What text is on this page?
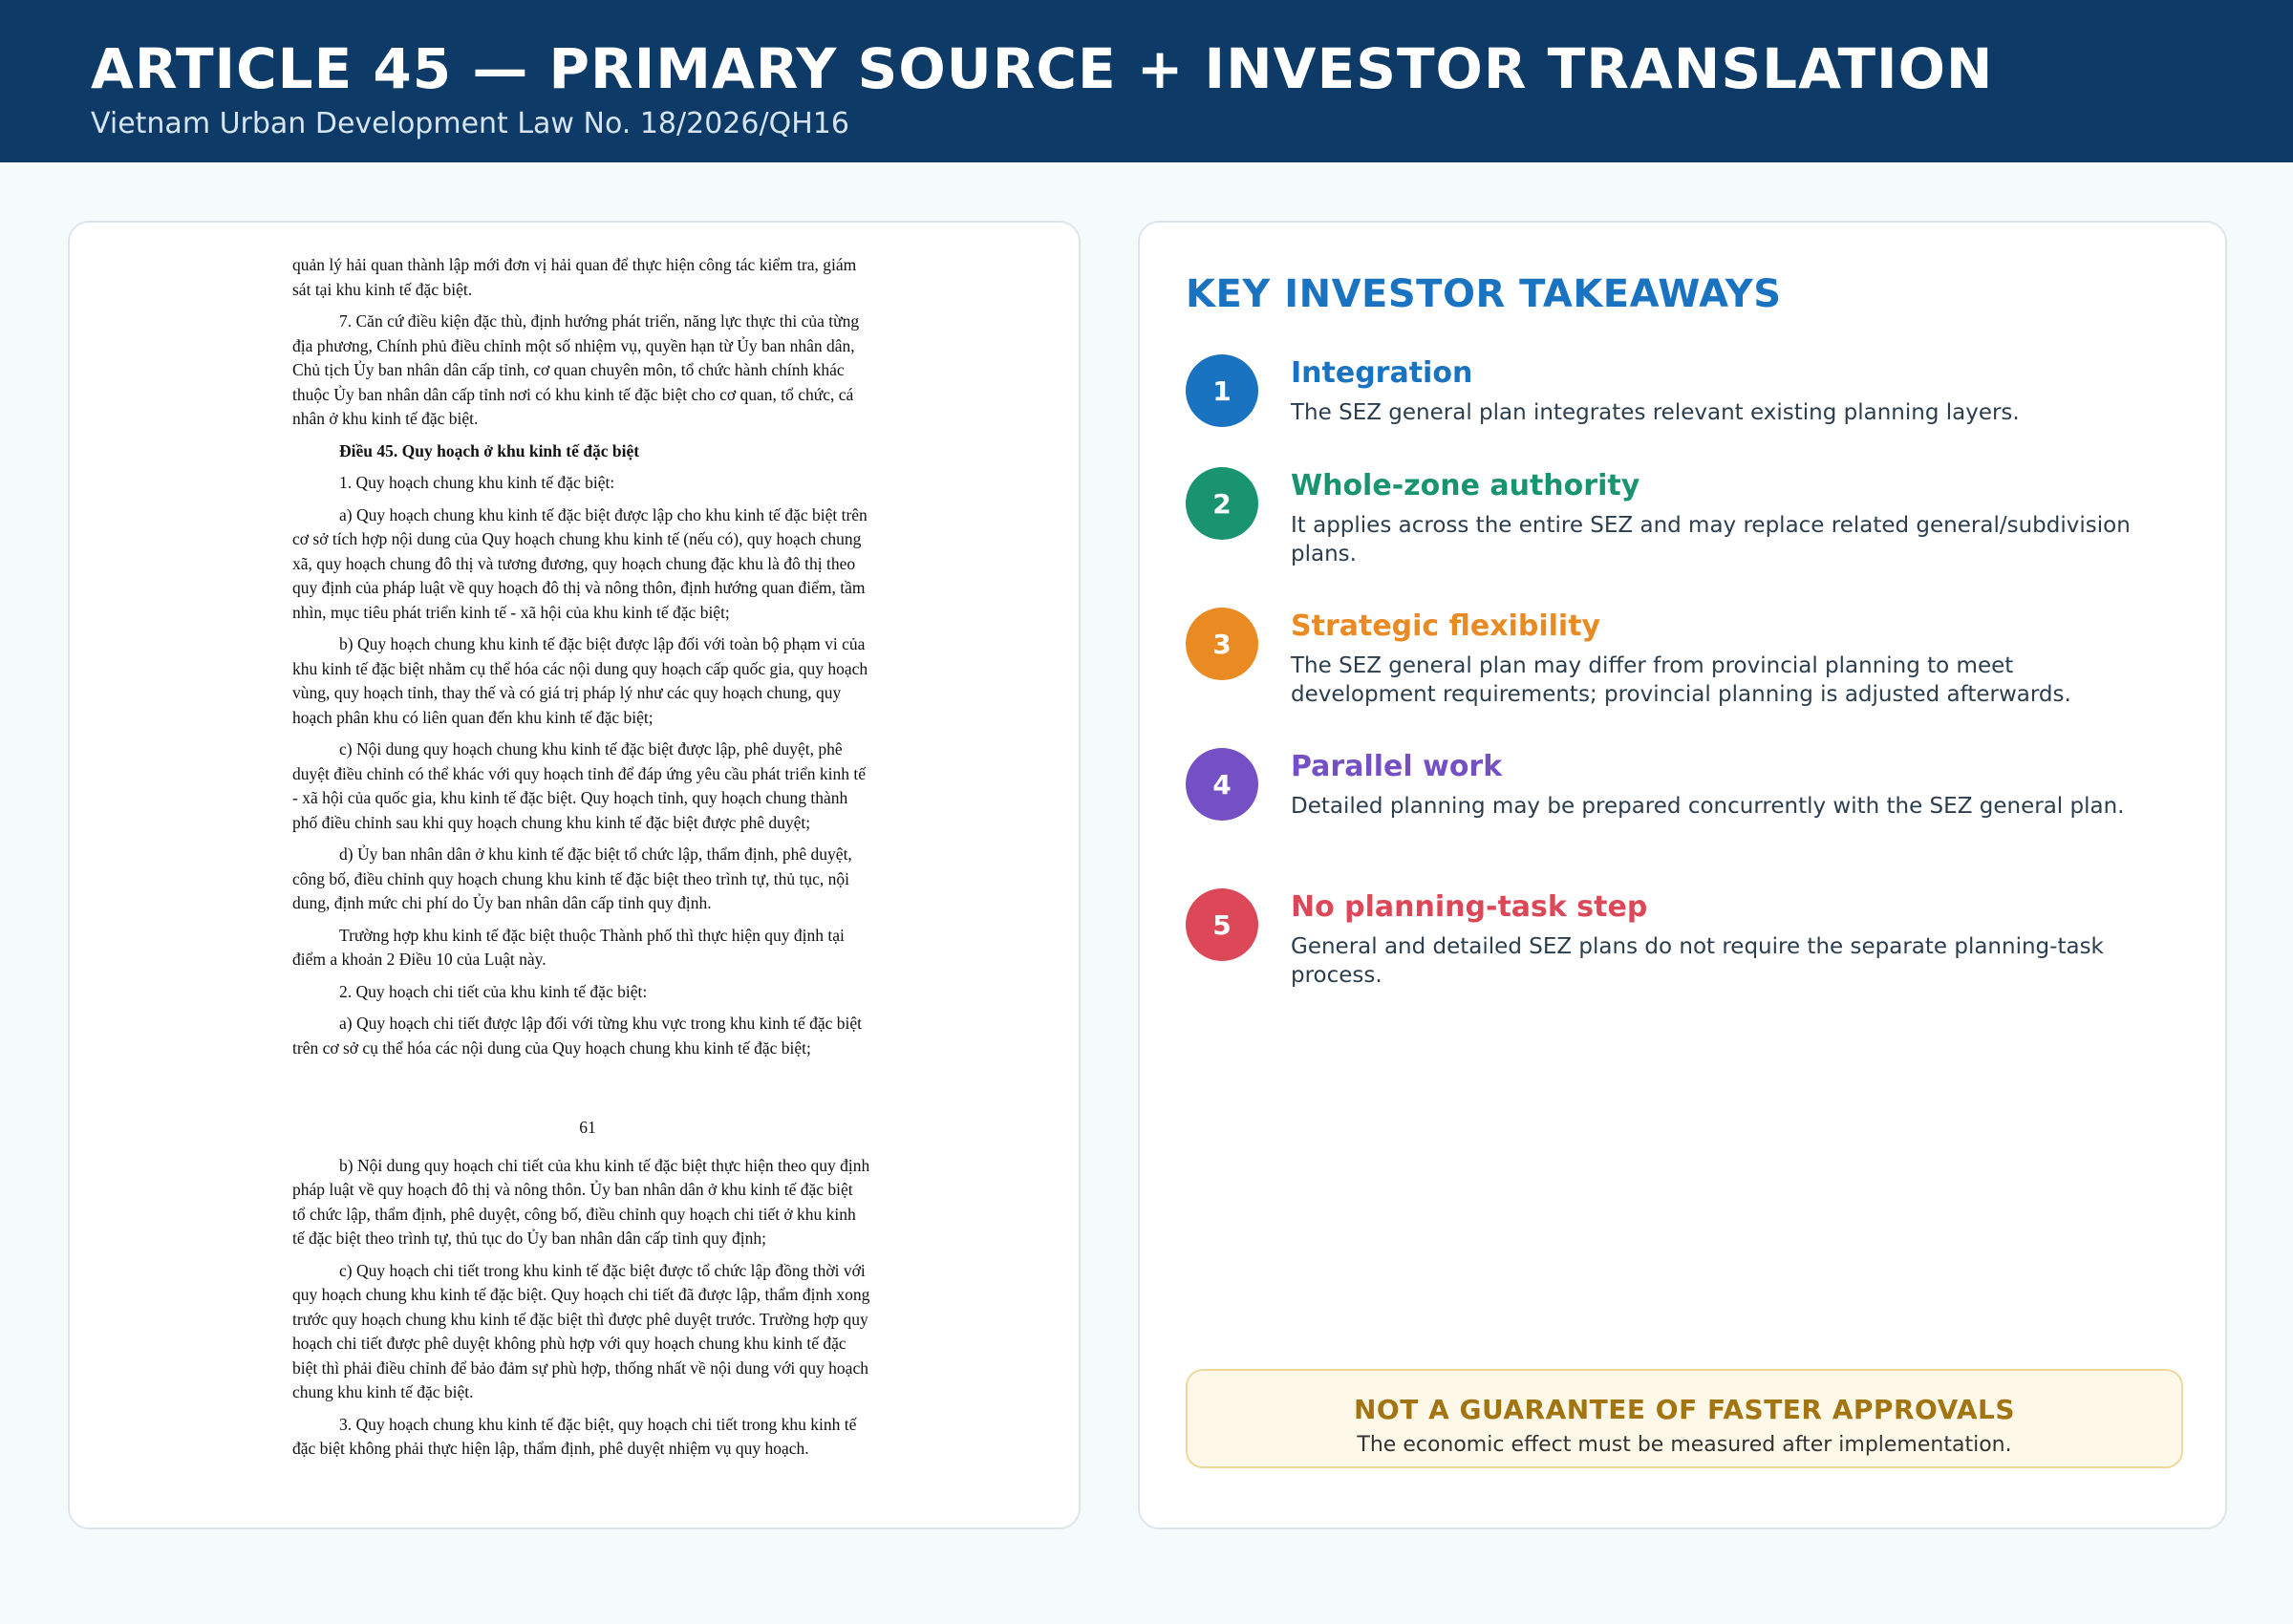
ARTICLE 45 — PRIMARY SOURCE + INVESTOR TRANSLATION
Vietnam Urban Development Law No. 18/2026/QH16

quản lý hải quan thành lập mới đơn vị hải quan để thực hiện công tác kiểm tra, giám
sát tại khu kinh tế đặc biệt.

7. Căn cứ điều kiện đặc thù, định hướng phát triển, năng lực thực thi của từng
địa phương, Chính phủ điều chỉnh một số nhiệm vụ, quyền hạn từ Ủy ban nhân dân,
Chủ tịch Ủy ban nhân dân cấp tỉnh, cơ quan chuyên môn, tổ chức hành chính khác
thuộc Ủy ban nhân dân cấp tỉnh nơi có khu kinh tế đặc biệt cho cơ quan, tổ chức, cá
nhân ở khu kinh tế đặc biệt.

Điều 45. Quy hoạch ở khu kinh tế đặc biệt

1. Quy hoạch chung khu kinh tế đặc biệt:

a) Quy hoạch chung khu kinh tế đặc biệt được lập cho khu kinh tế đặc biệt trên
cơ sở tích hợp nội dung của Quy hoạch chung khu kinh tế (nếu có), quy hoạch chung
xã, quy hoạch chung đô thị và tương đương, quy hoạch chung đặc khu là đô thị theo
quy định của pháp luật về quy hoạch đô thị và nông thôn, định hướng quan điểm, tầm
nhìn, mục tiêu phát triển kinh tế - xã hội của khu kinh tế đặc biệt;

b) Quy hoạch chung khu kinh tế đặc biệt được lập đối với toàn bộ phạm vi của
khu kinh tế đặc biệt nhằm cụ thể hóa các nội dung quy hoạch cấp quốc gia, quy hoạch
vùng, quy hoạch tỉnh, thay thế và có giá trị pháp lý như các quy hoạch chung, quy
hoạch phân khu có liên quan đến khu kinh tế đặc biệt;

c) Nội dung quy hoạch chung khu kinh tế đặc biệt được lập, phê duyệt, phê
duyệt điều chỉnh có thể khác với quy hoạch tỉnh để đáp ứng yêu cầu phát triển kinh tế
- xã hội của quốc gia, khu kinh tế đặc biệt. Quy hoạch tỉnh, quy hoạch chung thành
phố điều chỉnh sau khi quy hoạch chung khu kinh tế đặc biệt được phê duyệt;

d) Ủy ban nhân dân ở khu kinh tế đặc biệt tổ chức lập, thẩm định, phê duyệt,
công bố, điều chỉnh quy hoạch chung khu kinh tế đặc biệt theo trình tự, thủ tục, nội
dung, định mức chi phí do Ủy ban nhân dân cấp tỉnh quy định.

Trường hợp khu kinh tế đặc biệt thuộc Thành phố thì thực hiện quy định tại
điểm a khoản 2 Điều 10 của Luật này.

2. Quy hoạch chi tiết của khu kinh tế đặc biệt:

a) Quy hoạch chi tiết được lập đối với từng khu vực trong khu kinh tế đặc biệt
trên cơ sở cụ thể hóa các nội dung của Quy hoạch chung khu kinh tế đặc biệt;

61

b) Nội dung quy hoạch chi tiết của khu kinh tế đặc biệt thực hiện theo quy định
pháp luật về quy hoạch đô thị và nông thôn. Ủy ban nhân dân ở khu kinh tế đặc biệt
tổ chức lập, thẩm định, phê duyệt, công bố, điều chỉnh quy hoạch chi tiết ở khu kinh
tế đặc biệt theo trình tự, thủ tục do Ủy ban nhân dân cấp tỉnh quy định;

c) Quy hoạch chi tiết trong khu kinh tế đặc biệt được tổ chức lập đồng thời với
quy hoạch chung khu kinh tế đặc biệt. Quy hoạch chi tiết đã được lập, thẩm định xong
trước quy hoạch chung khu kinh tế đặc biệt thì được phê duyệt trước. Trường hợp quy
hoạch chi tiết được phê duyệt không phù hợp với quy hoạch chung khu kinh tế đặc
biệt thì phải điều chỉnh để bảo đảm sự phù hợp, thống nhất về nội dung với quy hoạch
chung khu kinh tế đặc biệt.

3. Quy hoạch chung khu kinh tế đặc biệt, quy hoạch chi tiết trong khu kinh tế
đặc biệt không phải thực hiện lập, thẩm định, phê duyệt nhiệm vụ quy hoạch.

KEY INVESTOR TAKEAWAYS
1
Integration
The SEZ general plan integrates relevant existing planning layers.
2
Whole-zone authority
It applies across the entire SEZ and may replace related general/subdivision plans.
3
Strategic flexibility
The SEZ general plan may differ from provincial planning to meet development requirements; provincial planning is adjusted afterwards.
4
Parallel work
Detailed planning may be prepared concurrently with the SEZ general plan.
5
No planning-task step
General and detailed SEZ plans do not require the separate planning-task process.
NOT A GUARANTEE OF FASTER APPROVALS
The economic effect must be measured after implementation.
